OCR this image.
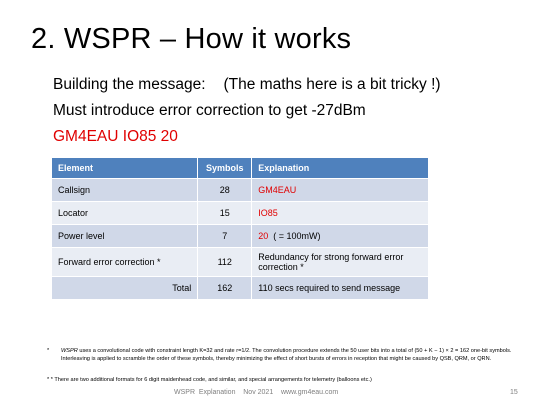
2. WSPR – How it works
Building the message: (The maths here is a bit tricky !)
Must introduce error correction to get -27dBm
GM4EAU IO85 20
Element	Symbols	Explanation
Callsign	28	GM4EAU
Locator	15	IO85
Power level	7	20  ( = 100mW)
Forward error correction *	112	Redundancy for strong forward error correction *
Total	162	110 secs required to send message
* WSPR uses a convolutional code with constraint length K=32 and rate r=1/2. The convolution procedure extends the 50 user bits into a total of (50 + K − 1) × 2 = 162 one-bit symbols. Interleaving is applied to scramble the order of these symbols, thereby minimizing the effect of short bursts of errors in reception that might be caused by QSB, QRM, or QRN.
* * There are two additional formats for 6 digit maidenhead code, and similar, and special arrangements for telemetry (balloons etc.)
WSPR  Explanation    Nov 2021    www.gm4eau.com	15
